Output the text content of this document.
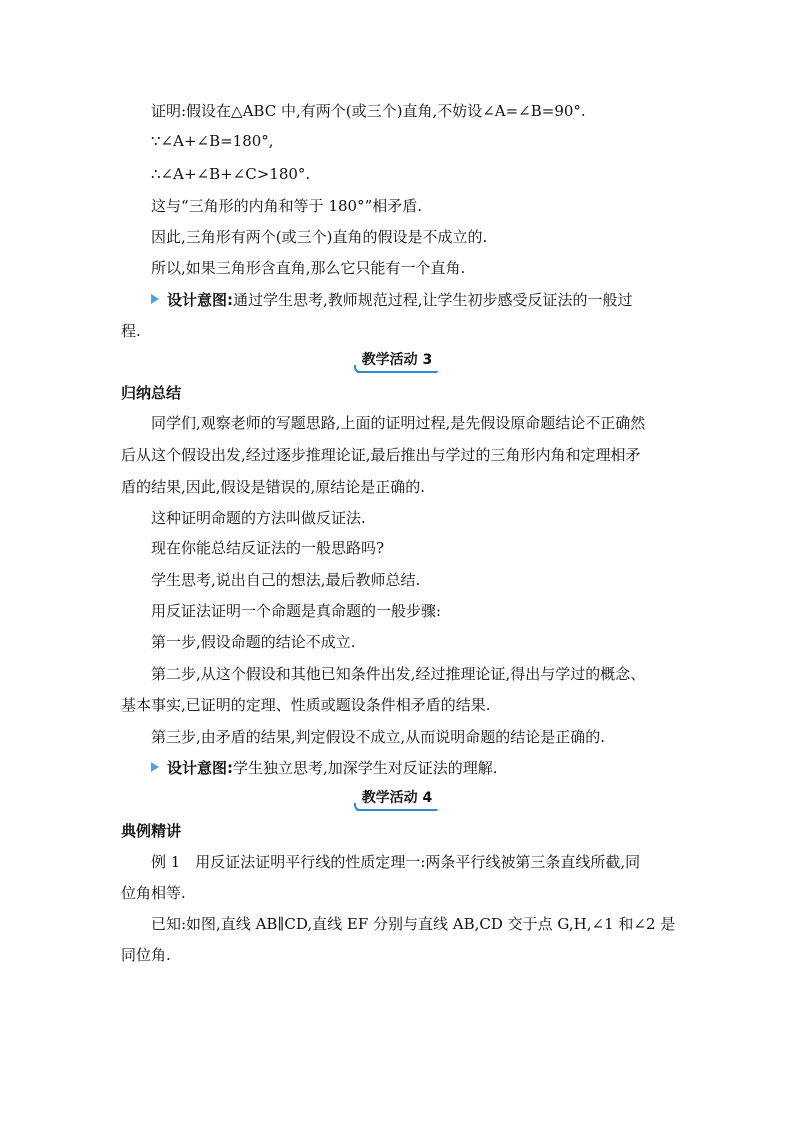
证明:假设在△ABC 中,有两个(或三个)直角,不妨设∠A=∠B=90°.
∵∠A+∠B=180°,
∴∠A+∠B+∠C>180°.
这与“三角形的内角和等于 180°”相矛盾.
因此,三角形有两个(或三个)直角的假设是不成立的.
所以,如果三角形含直角,那么它只能有一个直角.
设计意图:通过学生思考,教师规范过程,让学生初步感受反证法的一般过
程.
教学活动 3
归纳总结
同学们,观察老师的写题思路,上面的证明过程,是先假设原命题结论不正确然
后从这个假设出发,经过逐步推理论证,最后推出与学过的三角形内角和定理相矛
盾的结果,因此,假设是错误的,原结论是正确的.
这种证明命题的方法叫做反证法.
现在你能总结反证法的一般思路吗?
学生思考,说出自己的想法,最后教师总结.
用反证法证明一个命题是真命题的一般步骤:
第一步,假设命题的结论不成立.
第二步,从这个假设和其他已知条件出发,经过推理论证,得出与学过的概念、
基本事实,已证明的定理、性质或题设条件相矛盾的结果.
第三步,由矛盾的结果,判定假设不成立,从而说明命题的结论是正确的.
设计意图:学生独立思考,加深学生对反证法的理解.
教学活动 4
典例精讲
例 1　用反证法证明平行线的性质定理一:两条平行线被第三条直线所截,同
位角相等.
已知:如图,直线 AB∥CD,直线 EF 分别与直线 AB,CD 交于点 G,H,∠1 和∠2 是
同位角.
